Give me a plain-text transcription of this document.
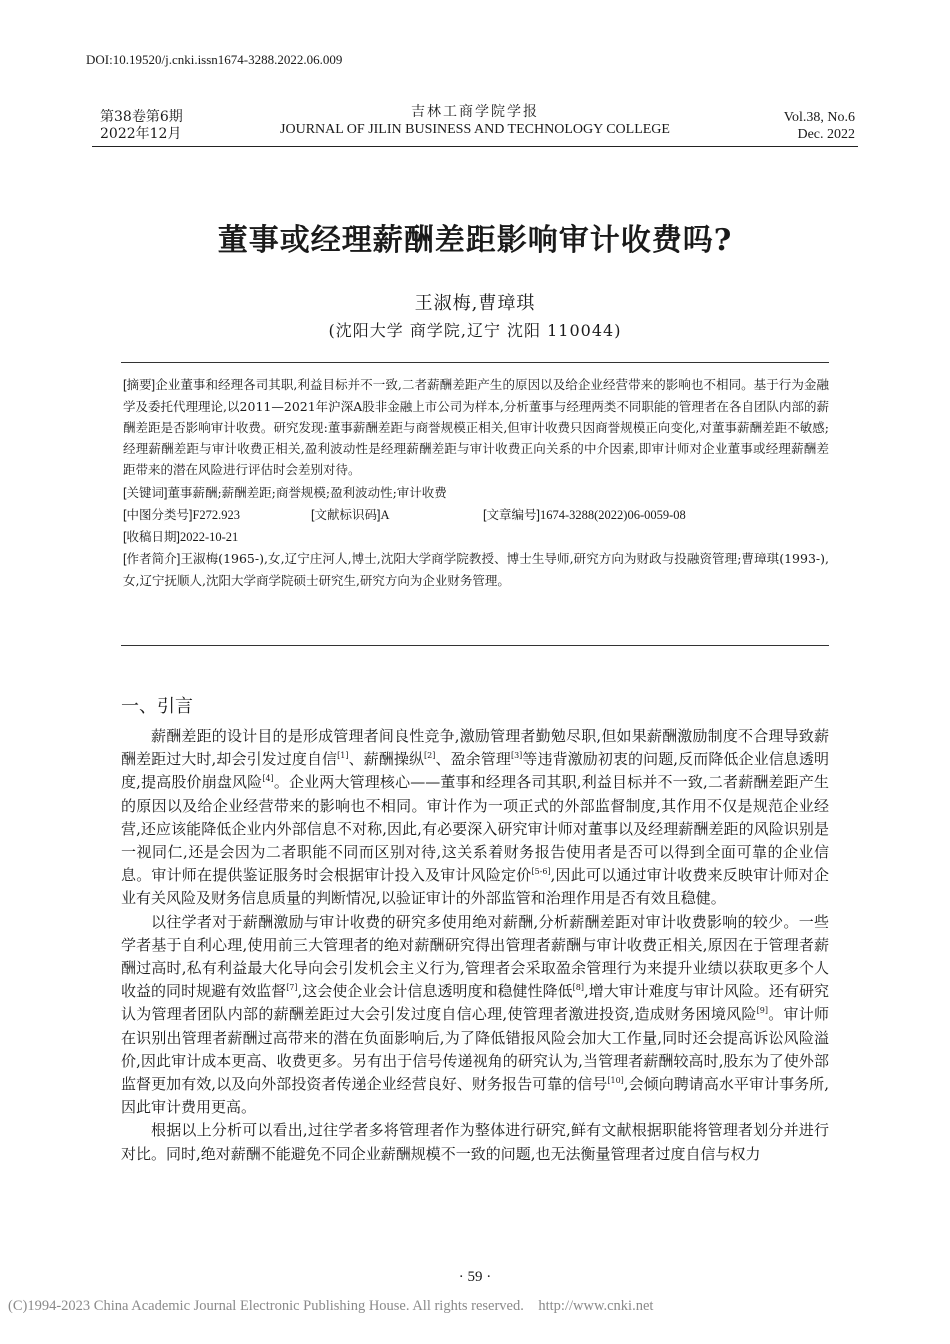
DOI:10.19520/j.cnki.issn1674-3288.2022.06.009
第38卷第6期
2022年12月
吉林工商学院学报
JOURNAL OF JILIN BUSINESS AND TECHNOLOGY COLLEGE
Vol.38, No.6
Dec. 2022
董事或经理薪酬差距影响审计收费吗?
王淑梅,曹璋琪
(沈阳大学 商学院,辽宁 沈阳 110044)

[摘要]企业董事和经理各司其职,利益目标并不一致,二者薪酬差距产生的原因以及给企业经营带来的影响也不相同。基于行为金融学及委托代理理论,以2011—2021年沪深A股非金融上市公司为样本,分析董事与经理两类不同职能的管理者在各自团队内部的薪酬差距是否影响审计收费。研究发现:董事薪酬差距与商誉规模正相关,但审计收费只因商誉规模正向变化,对董事薪酬差距不敏感;经理薪酬差距与审计收费正相关,盈利波动性是经理薪酬差距与审计收费正向关系的中介因素,即审计师对企业董事或经理薪酬差距带来的潜在风险进行评估时会差别对待。

[关键词]董事薪酬;薪酬差距;商誉规模;盈利波动性;审计收费

[中图分类号]F272.923	[文献标识码]A	[文章编号]1674-3288(2022)06-0059-08

[收稿日期]2022-10-21

[作者简介]王淑梅(1965-),女,辽宁庄河人,博士,沈阳大学商学院教授、博士生导师,研究方向为财政与投融资管理;曹璋琪(1993-),女,辽宁抚顺人,沈阳大学商学院硕士研究生,研究方向为企业财务管理。

一、引言

薪酬差距的设计目的是形成管理者间良性竞争,激励管理者勤勉尽职,但如果薪酬激励制度不合理导致薪酬差距过大时,却会引发过度自信[1]、薪酬操纵[2]、盈余管理[3]等违背激励初衷的问题,反而降低企业信息透明度,提高股价崩盘风险[4]。企业两大管理核心——董事和经理各司其职,利益目标并不一致,二者薪酬差距产生的原因以及给企业经营带来的影响也不相同。审计作为一项正式的外部监督制度,其作用不仅是规范企业经营,还应该能降低企业内外部信息不对称,因此,有必要深入研究审计师对董事以及经理薪酬差距的风险识别是一视同仁,还是会因为二者职能不同而区别对待,这关系着财务报告使用者是否可以得到全面可靠的企业信息。审计师在提供鉴证服务时会根据审计投入及审计风险定价[5-6],因此可以通过审计收费来反映审计师对企业有关风险及财务信息质量的判断情况,以验证审计的外部监管和治理作用是否有效且稳健。

以往学者对于薪酬激励与审计收费的研究多使用绝对薪酬,分析薪酬差距对审计收费影响的较少。一些学者基于自利心理,使用前三大管理者的绝对薪酬研究得出管理者薪酬与审计收费正相关,原因在于管理者薪酬过高时,私有利益最大化导向会引发机会主义行为,管理者会采取盈余管理行为来提升业绩以获取更多个人收益的同时规避有效监督[7],这会使企业会计信息透明度和稳健性降低[8],增大审计难度与审计风险。还有研究认为管理者团队内部的薪酬差距过大会引发过度自信心理,使管理者激进投资,造成财务困境风险[9]。审计师在识别出管理者薪酬过高带来的潜在负面影响后,为了降低错报风险会加大工作量,同时还会提高诉讼风险溢价,因此审计成本更高、收费更多。另有出于信号传递视角的研究认为,当管理者薪酬较高时,股东为了使外部监督更加有效,以及向外部投资者传递企业经营良好、财务报告可靠的信号[10],会倾向聘请高水平审计事务所,因此审计费用更高。

根据以上分析可以看出,过往学者多将管理者作为整体进行研究,鲜有文献根据职能将管理者划分并进行对比。同时,绝对薪酬不能避免不同企业薪酬规模不一致的问题,也无法衡量管理者过度自信与权力

· 59 ·
(C)1994-2023 China Academic Journal Electronic Publishing House. All rights reserved.    http://www.cnki.net
